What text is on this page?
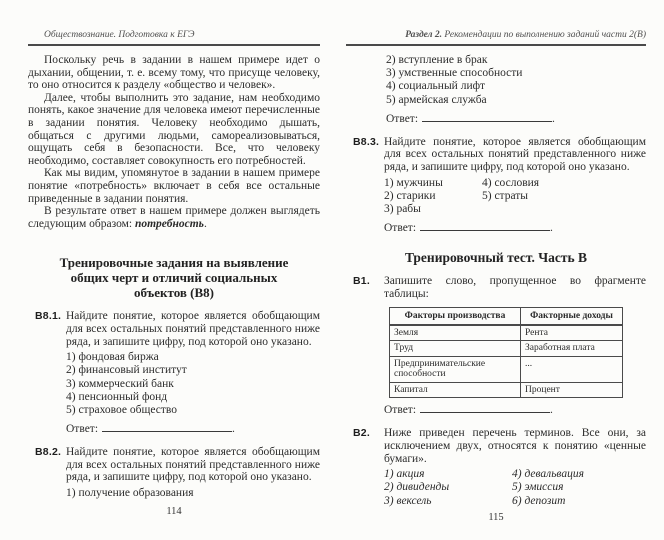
Обществознание. Подготовка к ЕГЭ

Поскольку речь в задании в нашем примере идет о дыхании, общении, т. е. всему тому, что присуще человеку, то оно относится к разделу «общество и человек».

Далее, чтобы выполнить это задание, нам необходимо понять, какое значение для человека имеют перечисленные в задании понятия. Человеку необходимо дышать, общаться с другими людьми, самореализовываться, ощущать себя в безопасности. Все, что человеку необходимо, составляет совокупность его потребностей.

Как мы видим, упомянутое в задании в нашем примере понятие «потребность» включает в себя все остальные приведенные в задании понятия.

В результате ответ в нашем примере должен выглядеть следующим образом: потребность.

Тренировочные задания на выявление
общих черт и отличий социальных
объектов (В8)
В8.1. Найдите понятие, которое является обобщающим для всех остальных понятий представленного ниже ряда, и запишите цифру, под которой оно указано.
1) фондовая биржа
2) финансовый институт
3) коммерческий банк
4) пенсионный фонд
5) страховое общество
Ответ:	.
В8.2. Найдите понятие, которое является обобщающим для всех остальных понятий представленного ниже ряда, и запишите цифру, под которой оно указано.
1) получение образования
114
Раздел 2. Рекомендации по выполнению заданий части 2(В)
2) вступление в брак
3) умственные способности
4) социальный лифт
5) армейская служба
Ответ:	.
В8.3. Найдите понятие, которое является обобщающим для всех остальных понятий представленного ниже ряда, и запишите цифру, под которой оно указано.
1) мужчины
2) старики
3) рабы
4) сословия
5) страты
Ответ:	.
Тренировочный тест. Часть В
В1. Запишите слово, пропущенное во фрагменте таблицы:
Факторы производства	Факторные доходы
Земля	Рента
Труд	Заработная плата
Предпринимательские способности	...
Капитал	Процент
Ответ:	.
В2. Ниже приведен перечень терминов. Все они, за исключением двух, относятся к понятию «ценные бумаги».
1) акция
2) дивиденды
3) вексель
4) девальвация
5) эмиссия
6) депозит
115
